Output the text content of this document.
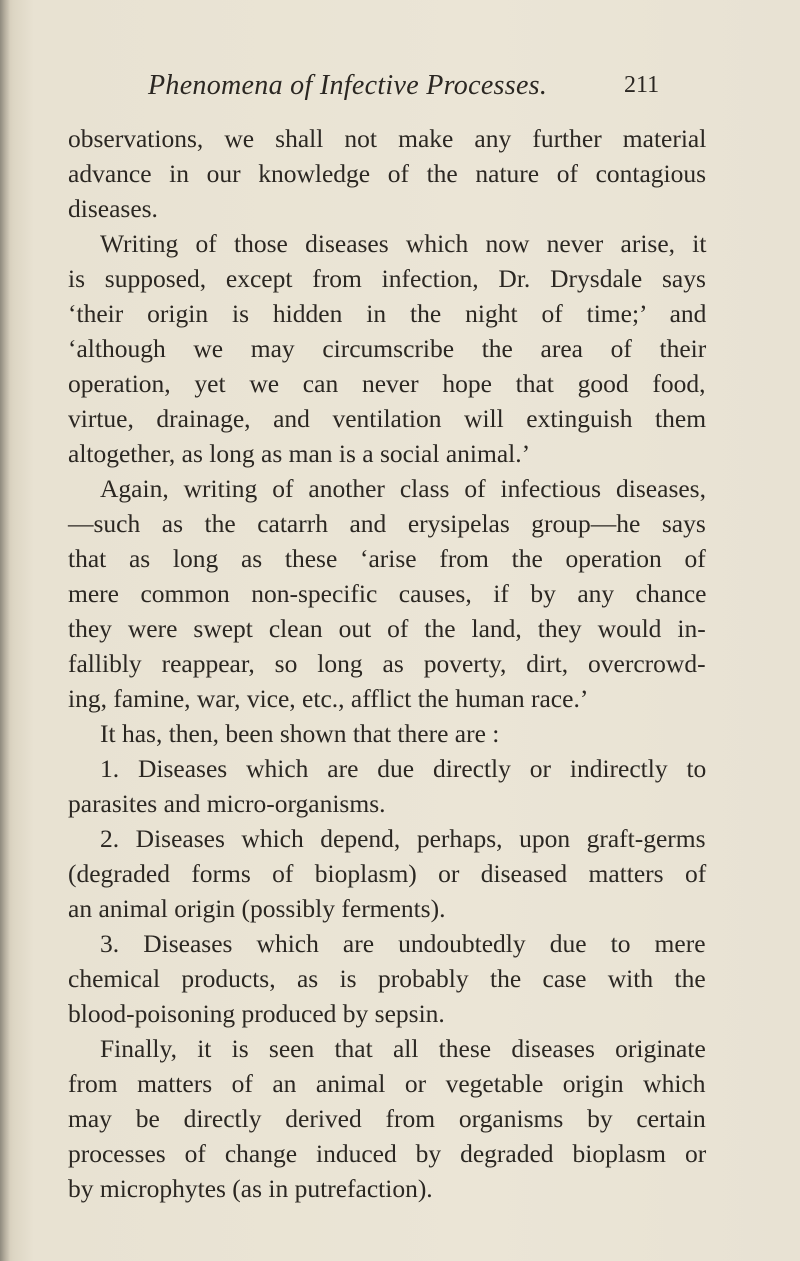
Phenomena of Infective Processes.	211
observations, we shall not make any further material
advance in our knowledge of the nature of contagious
diseases.
Writing of those diseases which now never arise, it
is supposed, except from infection, Dr. Drysdale says
‘their origin is hidden in the night of time;’ and
‘although we may circumscribe the area of their
operation, yet we can never hope that good food,
virtue, drainage, and ventilation will extinguish them
altogether, as long as man is a social animal.’
Again, writing of another class of infectious diseases,
—such as the catarrh and erysipelas group—he says
that as long as these ‘arise from the operation of
mere common non-specific causes, if by any chance
they were swept clean out of the land, they would in-
fallibly reappear, so long as poverty, dirt, overcrowd-
ing, famine, war, vice, etc., afflict the human race.’
It has, then, been shown that there are :
1. Diseases which are due directly or indirectly to
parasites and micro-organisms.
2. Diseases which depend, perhaps, upon graft-germs
(degraded forms of bioplasm) or diseased matters of
an animal origin (possibly ferments).
3. Diseases which are undoubtedly due to mere
chemical products, as is probably the case with the
blood-poisoning produced by sepsin.
Finally, it is seen that all these diseases originate
from matters of an animal or vegetable origin which
may be directly derived from organisms by certain
processes of change induced by degraded bioplasm or
by microphytes (as in putrefaction).
